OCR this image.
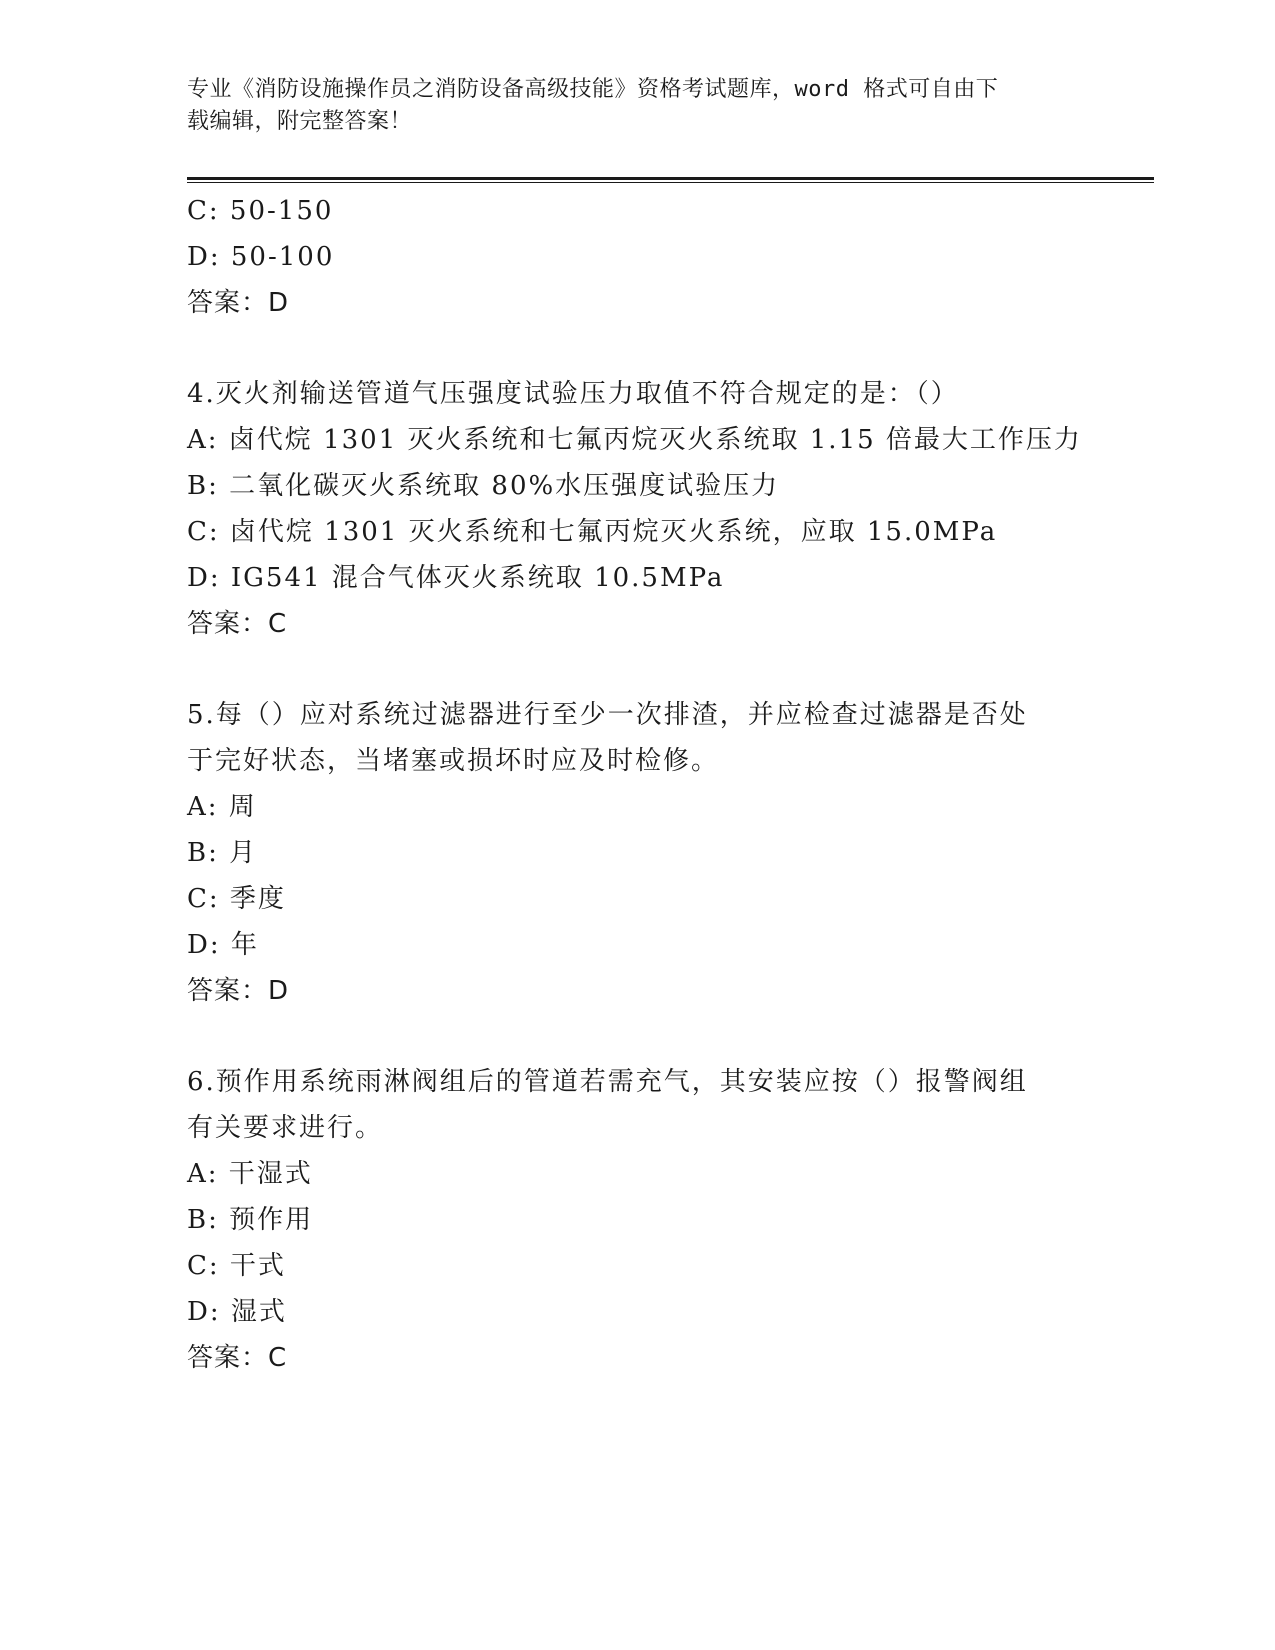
专业《消防设施操作员之消防设备高级技能》资格考试题库，word 格式可自由下
载编辑，附完整答案！
C: 50-150
D: 50-100
答案：D
4.灭火剂输送管道气压强度试验压力取值不符合规定的是：（）
A: 卤代烷 1301 灭火系统和七氟丙烷灭火系统取 1.15 倍最大工作压力
B: 二氧化碳灭火系统取 80%水压强度试验压力
C: 卤代烷 1301 灭火系统和七氟丙烷灭火系统，应取 15.0MPa
D: IG541 混合气体灭火系统取 10.5MPa
答案：C
5.每（）应对系统过滤器进行至少一次排渣，并应检查过滤器是否处
于完好状态，当堵塞或损坏时应及时检修。
A: 周
B: 月
C: 季度
D: 年
答案：D
6.预作用系统雨淋阀组后的管道若需充气，其安装应按（）报警阀组
有关要求进行。
A: 干湿式
B: 预作用
C: 干式
D: 湿式
答案：C
